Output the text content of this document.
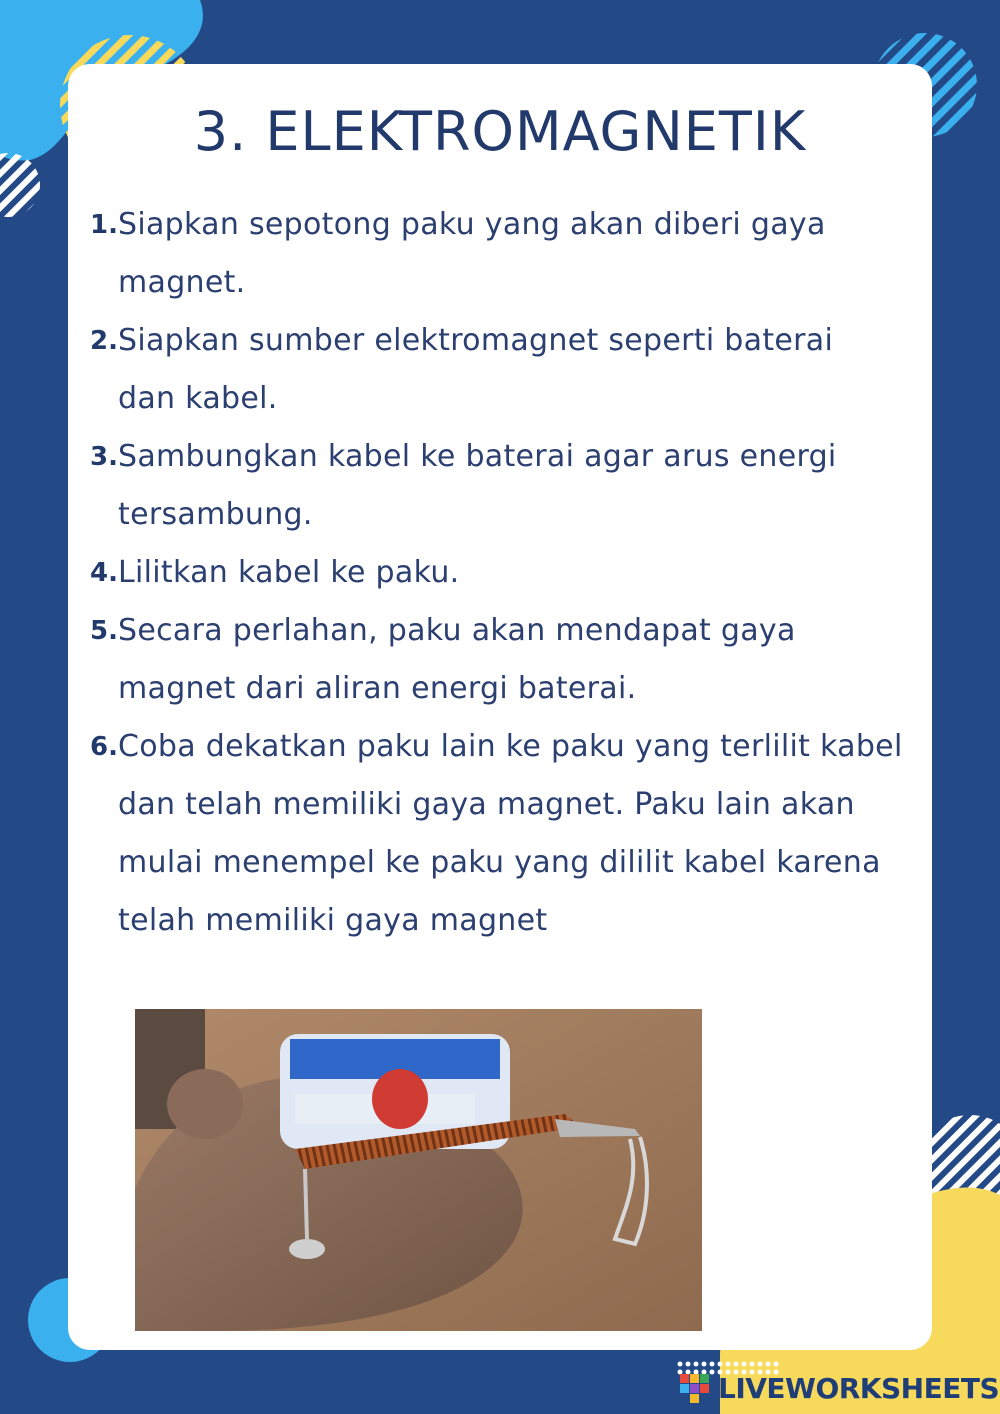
3. ELEKTROMAGNETIK
1. Siapkan sepotong paku yang akan diberi gaya magnet.
2. Siapkan sumber elektromagnet seperti baterai dan kabel.
3. Sambungkan kabel ke baterai agar arus energi tersambung.
4. Lilitkan kabel ke paku.
5. Secara perlahan, paku akan mendapat gaya magnet dari aliran energi baterai.
6. Coba dekatkan paku lain ke paku yang terlilit kabel dan telah memiliki gaya magnet. Paku lain akan mulai menempel ke paku yang dililit kabel karena telah memiliki gaya magnet
LIVEWORKSHEETS
